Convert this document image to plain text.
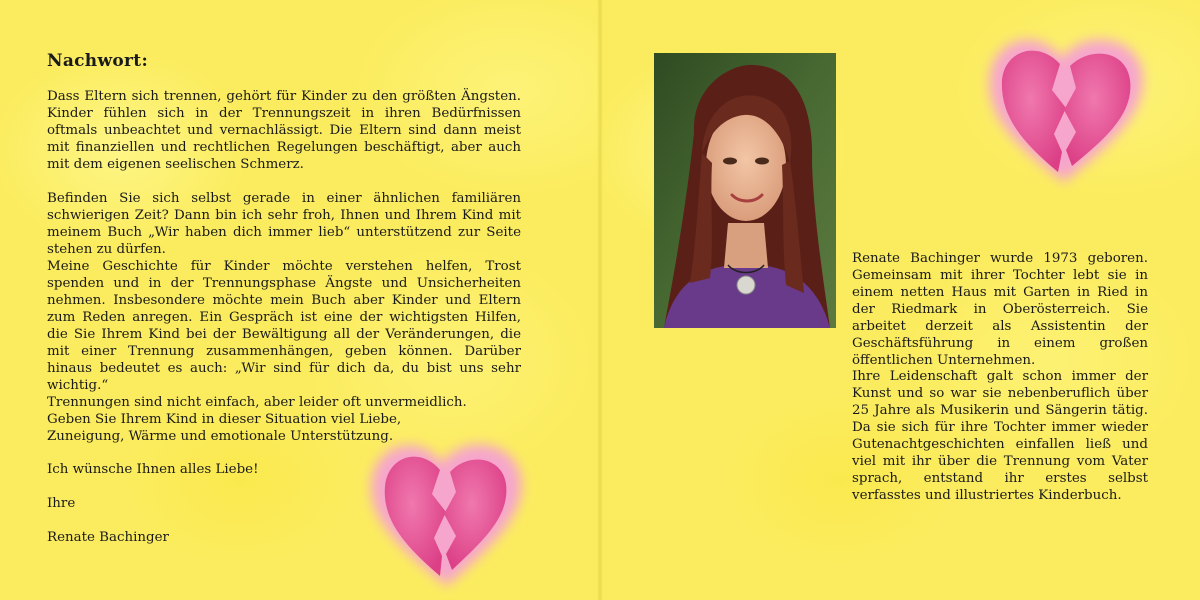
Nachwort:

Dass Eltern sich trennen, gehört für Kinder zu den größten Ängsten. Kinder fühlen sich in der Trennungszeit in ihren Bedürfnissen oftmals unbeachtet und vernachlässigt. Die Eltern sind dann meist mit finanziellen und rechtlichen Regelungen beschäftigt, aber auch mit dem eigenen seelischen Schmerz.

Befinden Sie sich selbst gerade in einer ähnlichen familiären schwierigen Zeit? Dann bin ich sehr froh, Ihnen und Ihrem Kind mit meinem Buch „Wir haben dich immer lieb“ unterstützend zur Seite stehen zu dürfen.

Meine Geschichte für Kinder möchte verstehen helfen, Trost spenden und in der Trennungsphase Ängste und Unsicherheiten nehmen. Insbesondere möchte mein Buch aber Kinder und Eltern zum Reden anregen. Ein Gespräch ist eine der wichtigsten Hilfen, die Sie Ihrem Kind bei der Bewältigung all der Veränderungen, die mit einer Trennung zusammenhängen, geben können. Darüber hinaus bedeutet es auch: „Wir sind für dich da, du bist uns sehr wichtig.“

Trennungen sind nicht einfach, aber leider oft unvermeidlich. Geben Sie Ihrem Kind in dieser Situation viel Liebe, Zuneigung, Wärme und emotionale Unterstützung.

Ich wünsche Ihnen alles Liebe!

Ihre

Renate Bachinger

Renate Bachinger wurde 1973 geboren. Gemeinsam mit ihrer Tochter lebt sie in einem netten Haus mit Garten in Ried in der Riedmark in Oberösterreich. Sie arbeitet derzeit als Assistentin der Geschäftsführung in einem großen öffentlichen Unternehmen.

Ihre Leidenschaft galt schon immer der Kunst und so war sie nebenberuflich über 25 Jahre als Musikerin und Sängerin tätig. Da sie sich für ihre Tochter immer wieder Gutenachtgeschichten einfallen ließ und viel mit ihr über die Trennung vom Vater sprach, entstand ihr erstes selbst verfasstes und illustriertes Kinderbuch.
